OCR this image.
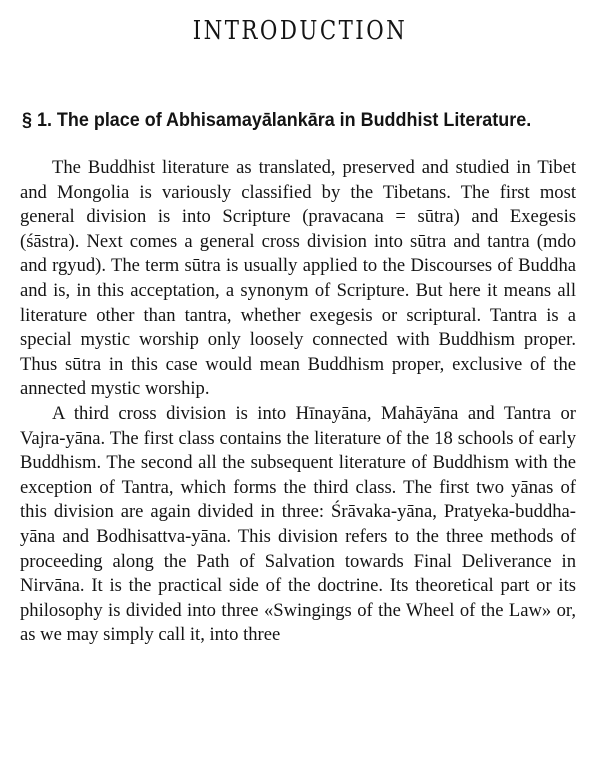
INTRODUCTION
§ 1. The place of Abhisamayālankāra in Buddhist Literature.

The Buddhist literature as translated, preserved and studied in Tibet and Mongolia is variously classified by the Tibetans. The first most general division is into Scripture (pravacana = sūtra) and Exegesis (śāstra). Next comes a general cross division into sūtra and tantra (mdo and rgyud). The term sūtra is usually applied to the Discourses of Buddha and is, in this acceptation, a synonym of Scripture. But here it means all literature other than tantra, whether exegesis or scriptural. Tantra is a special mystic worship only loosely connected with Buddhism proper. Thus sūtra in this case would mean Buddhism proper, exclusive of the annected mystic worship.

A third cross division is into Hīnayāna, Mahāyāna and Tantra or Vajra-yāna. The first class contains the literature of the 18 schools of early Buddhism. The second all the subsequent literature of Buddhism with the exception of Tantra, which forms the third class. The first two yānas of this division are again divided in three: Śrāvaka-yāna, Pratyeka-buddha-yāna and Bodhisattva-yāna. This division refers to the three methods of proceeding along the Path of Salvation towards Final Deliverance in Nirvāna. It is the practical side of the doctrine. Its theoretical part or its philosophy is divided into three «Swingings of the Wheel of the Law» or, as we may simply call it, into three
